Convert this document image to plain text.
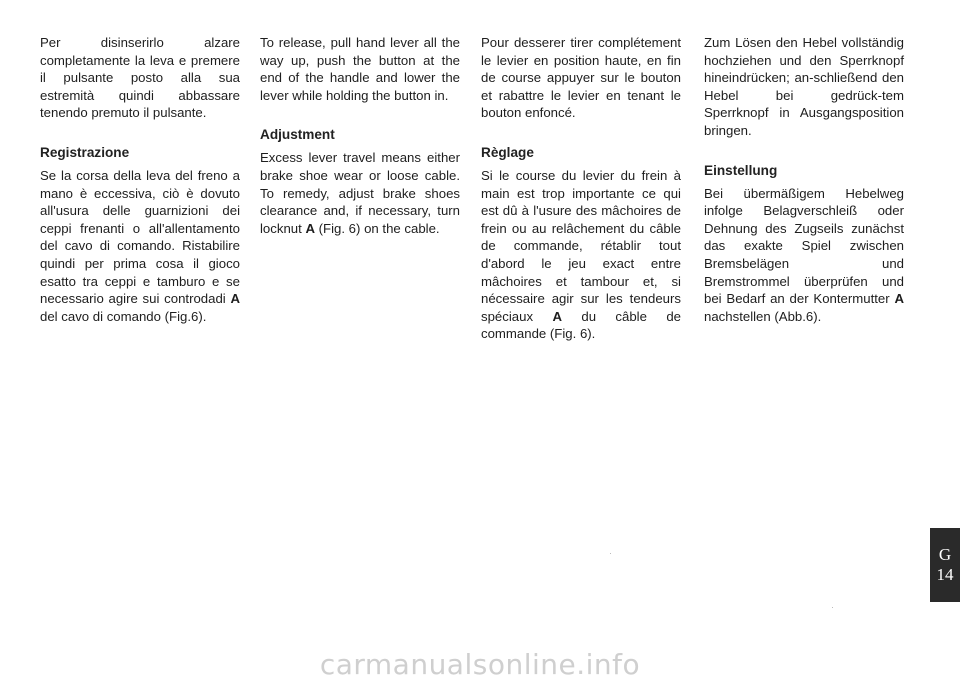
Per disinserirlo alzare completamente la leva e premere il pulsante posto alla sua estremità quindi abbassare tenendo premuto il pulsante.

Registrazione

Se la corsa della leva del freno a mano è eccessiva, ciò è dovuto all'usura delle guarnizioni dei ceppi frenanti o all'allentamento del cavo di comando. Ristabilire quindi per prima cosa il gioco esatto tra ceppi e tamburo e se necessario agire sui controdadi A del cavo di comando (Fig.6).

To release, pull hand lever all the way up, push the button at the end of the handle and lower the lever while holding the button in.

Adjustment

Excess lever travel means either brake shoe wear or loose cable. To remedy, adjust brake shoes clearance and, if necessary, turn locknut A (Fig. 6) on the cable.

Pour desserer tirer complétement le levier en position haute, en fin de course appuyer sur le bouton et rabattre le levier en tenant le bouton enfoncé.

Règlage

Si le course du levier du frein à main est trop importante ce qui est dû à l'usure des mâchoires de frein ou au relâchement du câble de commande, rétablir tout d'abord le jeu exact entre mâchoires et tambour et, si nécessaire agir sur les tendeurs spéciaux A du câble de commande (Fig. 6).

Zum Lösen den Hebel vollständig hochziehen und den Sperrknopf hineindrücken; an-schließend den Hebel bei gedrück-tem Sperrknopf in Ausgangsposition bringen.

Einstellung

Bei übermäßigem Hebelweg infolge Belagverschleiß oder Dehnung des Zugseils zunächst das exakte Spiel zwischen Bremsbelägen und Bremstrommel überprüfen und bei Bedarf an der Kontermutter A nachstellen (Abb.6).

G
14
carmanualsonline.info
